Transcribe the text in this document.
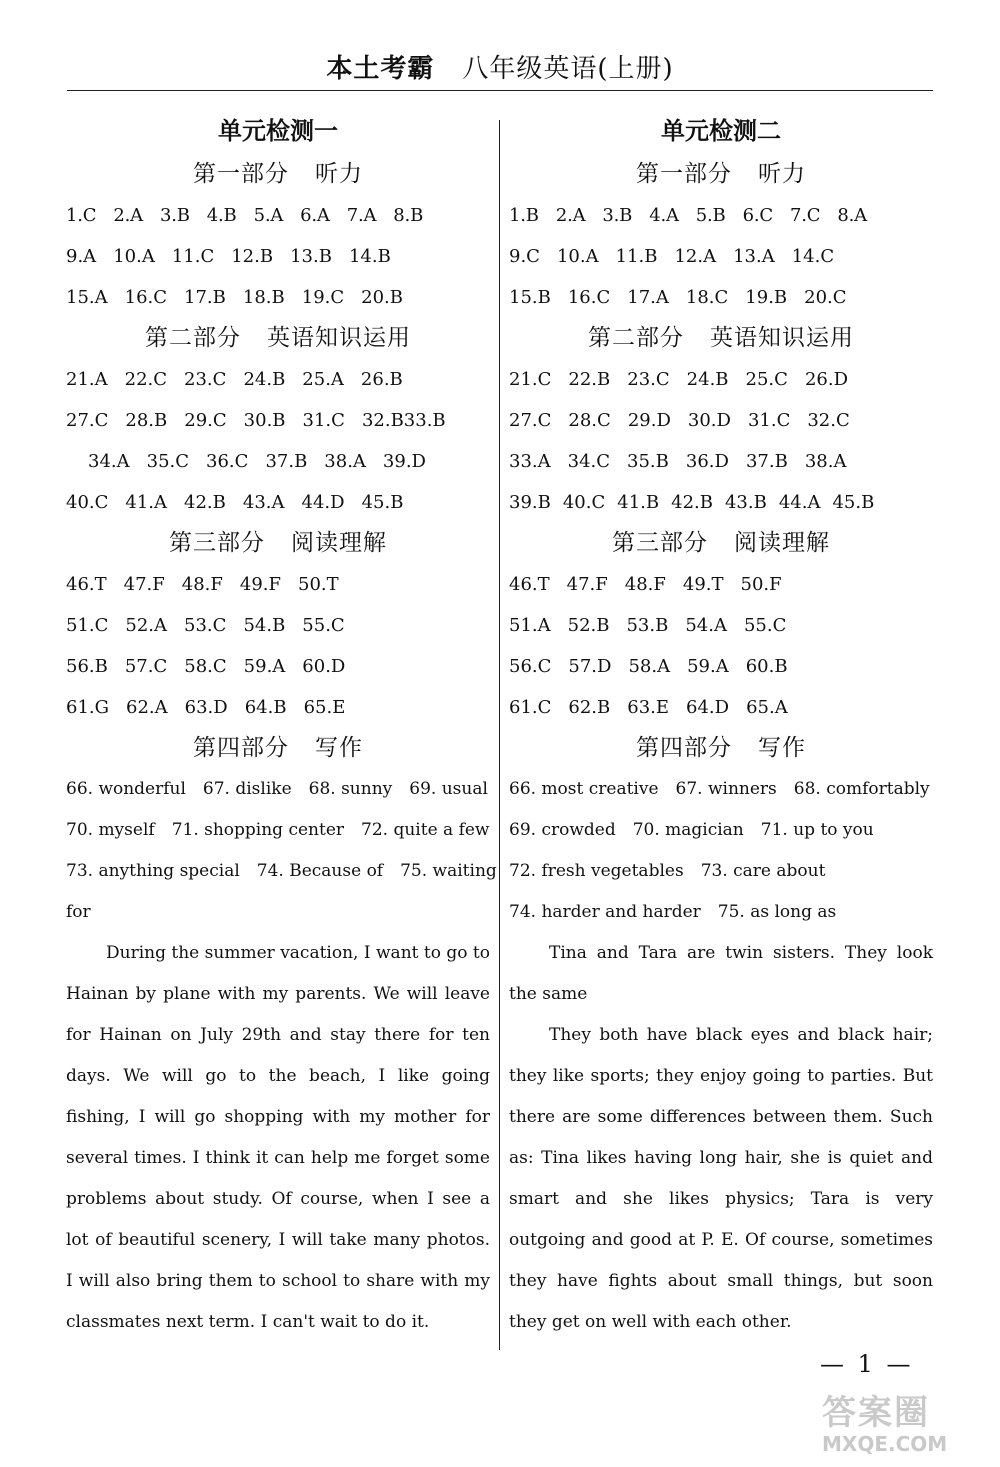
本土考霸 八年级英语(上册)
单元检测一
第一部分 听力
1.C 2.A 3.B 4.B 5.A 6.A 7.A 8.B
9.A 10.A 11.C 12.B 13.B 14.B
15.A 16.C 17.B 18.B 19.C 20.B
第二部分 英语知识运用
21.A 22.C 23.C 24.B 25.A 26.B
27.C 28.B 29.C 30.B 31.C 32.B33.B
34.A 35.C 36.C 37.B 38.A 39.D
40.C 41.A 42.B 43.A 44.D 45.B
第三部分 阅读理解
46.T 47.F 48.F 49.F 50.T
51.C 52.A 53.C 54.B 55.C
56.B 57.C 58.C 59.A 60.D
61.G 62.A 63.D 64.B 65.E
第四部分 写作
66. wonderful 67. dislike 68. sunny 69. usual
70. myself 71. shopping center 72. quite a few
73. anything special 74. Because of 75. waiting
for

During the summer vacation, I want to go to Hainan by plane with my parents. We will leave for Hainan on July 29th and stay there for ten days. We will go to the beach, I like going fishing, I will go shopping with my mother for several times. I think it can help me forget some problems about study. Of course, when I see a lot of beautiful scenery, I will take many photos. I will also bring them to school to share with my classmates next term. I can't wait to do it.

单元检测二
第一部分 听力
1.B 2.A 3.B 4.A 5.B 6.C 7.C 8.A
9.C 10.A 11.B 12.A 13.A 14.C
15.B 16.C 17.A 18.C 19.B 20.C
第二部分 英语知识运用
21.C 22.B 23.C 24.B 25.C 26.D
27.C 28.C 29.D 30.D 31.C 32.C
33.A 34.C 35.B 36.D 37.B 38.A
39.B 40.C 41.B 42.B 43.B 44.A 45.B
第三部分 阅读理解
46.T 47.F 48.F 49.T 50.F
51.A 52.B 53.B 54.A 55.C
56.C 57.D 58.A 59.A 60.B
61.C 62.B 63.E 64.D 65.A
第四部分 写作
66. most creative 67. winners 68. comfortably
69. crowded 70. magician 71. up to you
72. fresh vegetables 73. care about
74. harder and harder 75. as long as

Tina and Tara are twin sisters. They look the same

They both have black eyes and black hair; they like sports; they enjoy going to parties. But there are some differences between them. Such as: Tina likes having long hair, she is quiet and smart and she likes physics; Tara is very outgoing and good at P. E. Of course, sometimes they have fights about small things, but soon they get on well with each other.

— 1 —
答案圈
MXQE.COM
